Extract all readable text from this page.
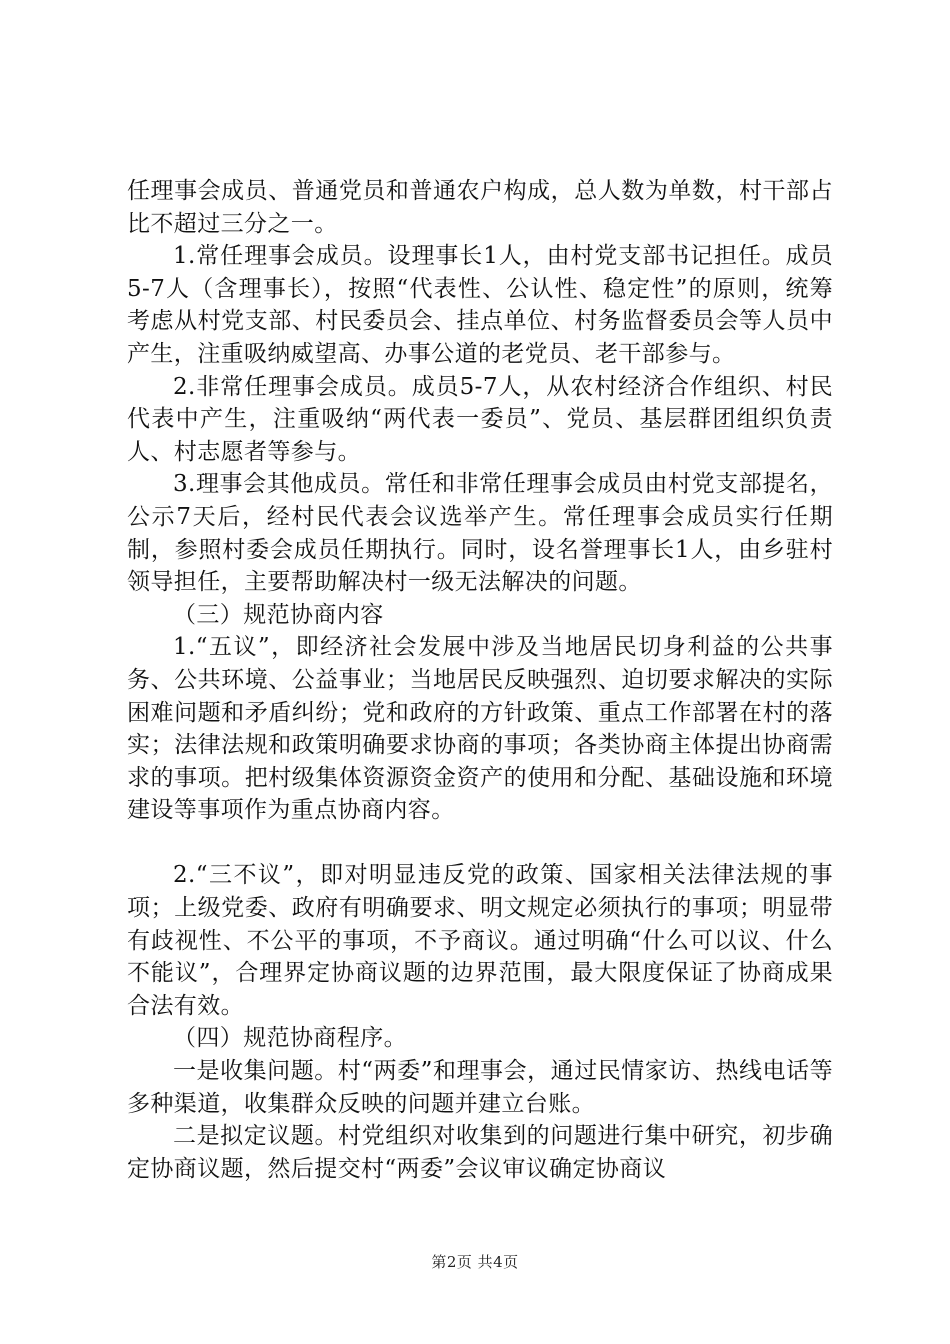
任理事会成员、普通党员和普通农户构成，总人数为单数，村干部占比不超过三分之一。

1.常任理事会成员。设理事长1人，由村党支部书记担任。成员5-7人（含理事长），按照“代表性、公认性、稳定性”的原则，统筹考虑从村党支部、村民委员会、挂点单位、村务监督委员会等人员中产生，注重吸纳威望高、办事公道的老党员、老干部参与。

2.非常任理事会成员。成员5-7人，从农村经济合作组织、村民代表中产生，注重吸纳“两代表一委员”、党员、基层群团组织负责人、村志愿者等参与。

3.理事会其他成员。常任和非常任理事会成员由村党支部提名，公示7天后，经村民代表会议选举产生。常任理事会成员实行任期制，参照村委会成员任期执行。同时，设名誉理事长1人，由乡驻村领导担任，主要帮助解决村一级无法解决的问题。

（三）规范协商内容

1.“五议”，即经济社会发展中涉及当地居民切身利益的公共事务、公共环境、公益事业；当地居民反映强烈、迫切要求解决的实际困难问题和矛盾纠纷；党和政府的方针政策、重点工作部署在村的落实；法律法规和政策明确要求协商的事项；各类协商主体提出协商需求的事项。把村级集体资源资金资产的使用和分配、基础设施和环境建设等事项作为重点协商内容。

2.“三不议”，即对明显违反党的政策、国家相关法律法规的事项；上级党委、政府有明确要求、明文规定必须执行的事项；明显带有歧视性、不公平的事项，不予商议。通过明确“什么可以议、什么不能议”，合理界定协商议题的边界范围，最大限度保证了协商成果合法有效。

（四）规范协商程序。

一是收集问题。村“两委”和理事会，通过民情家访、热线电话等多种渠道，收集群众反映的问题并建立台账。

二是拟定议题。村党组织对收集到的问题进行集中研究，初步确定协商议题，然后提交村“两委”会议审议确定协商议

第2页 共4页
